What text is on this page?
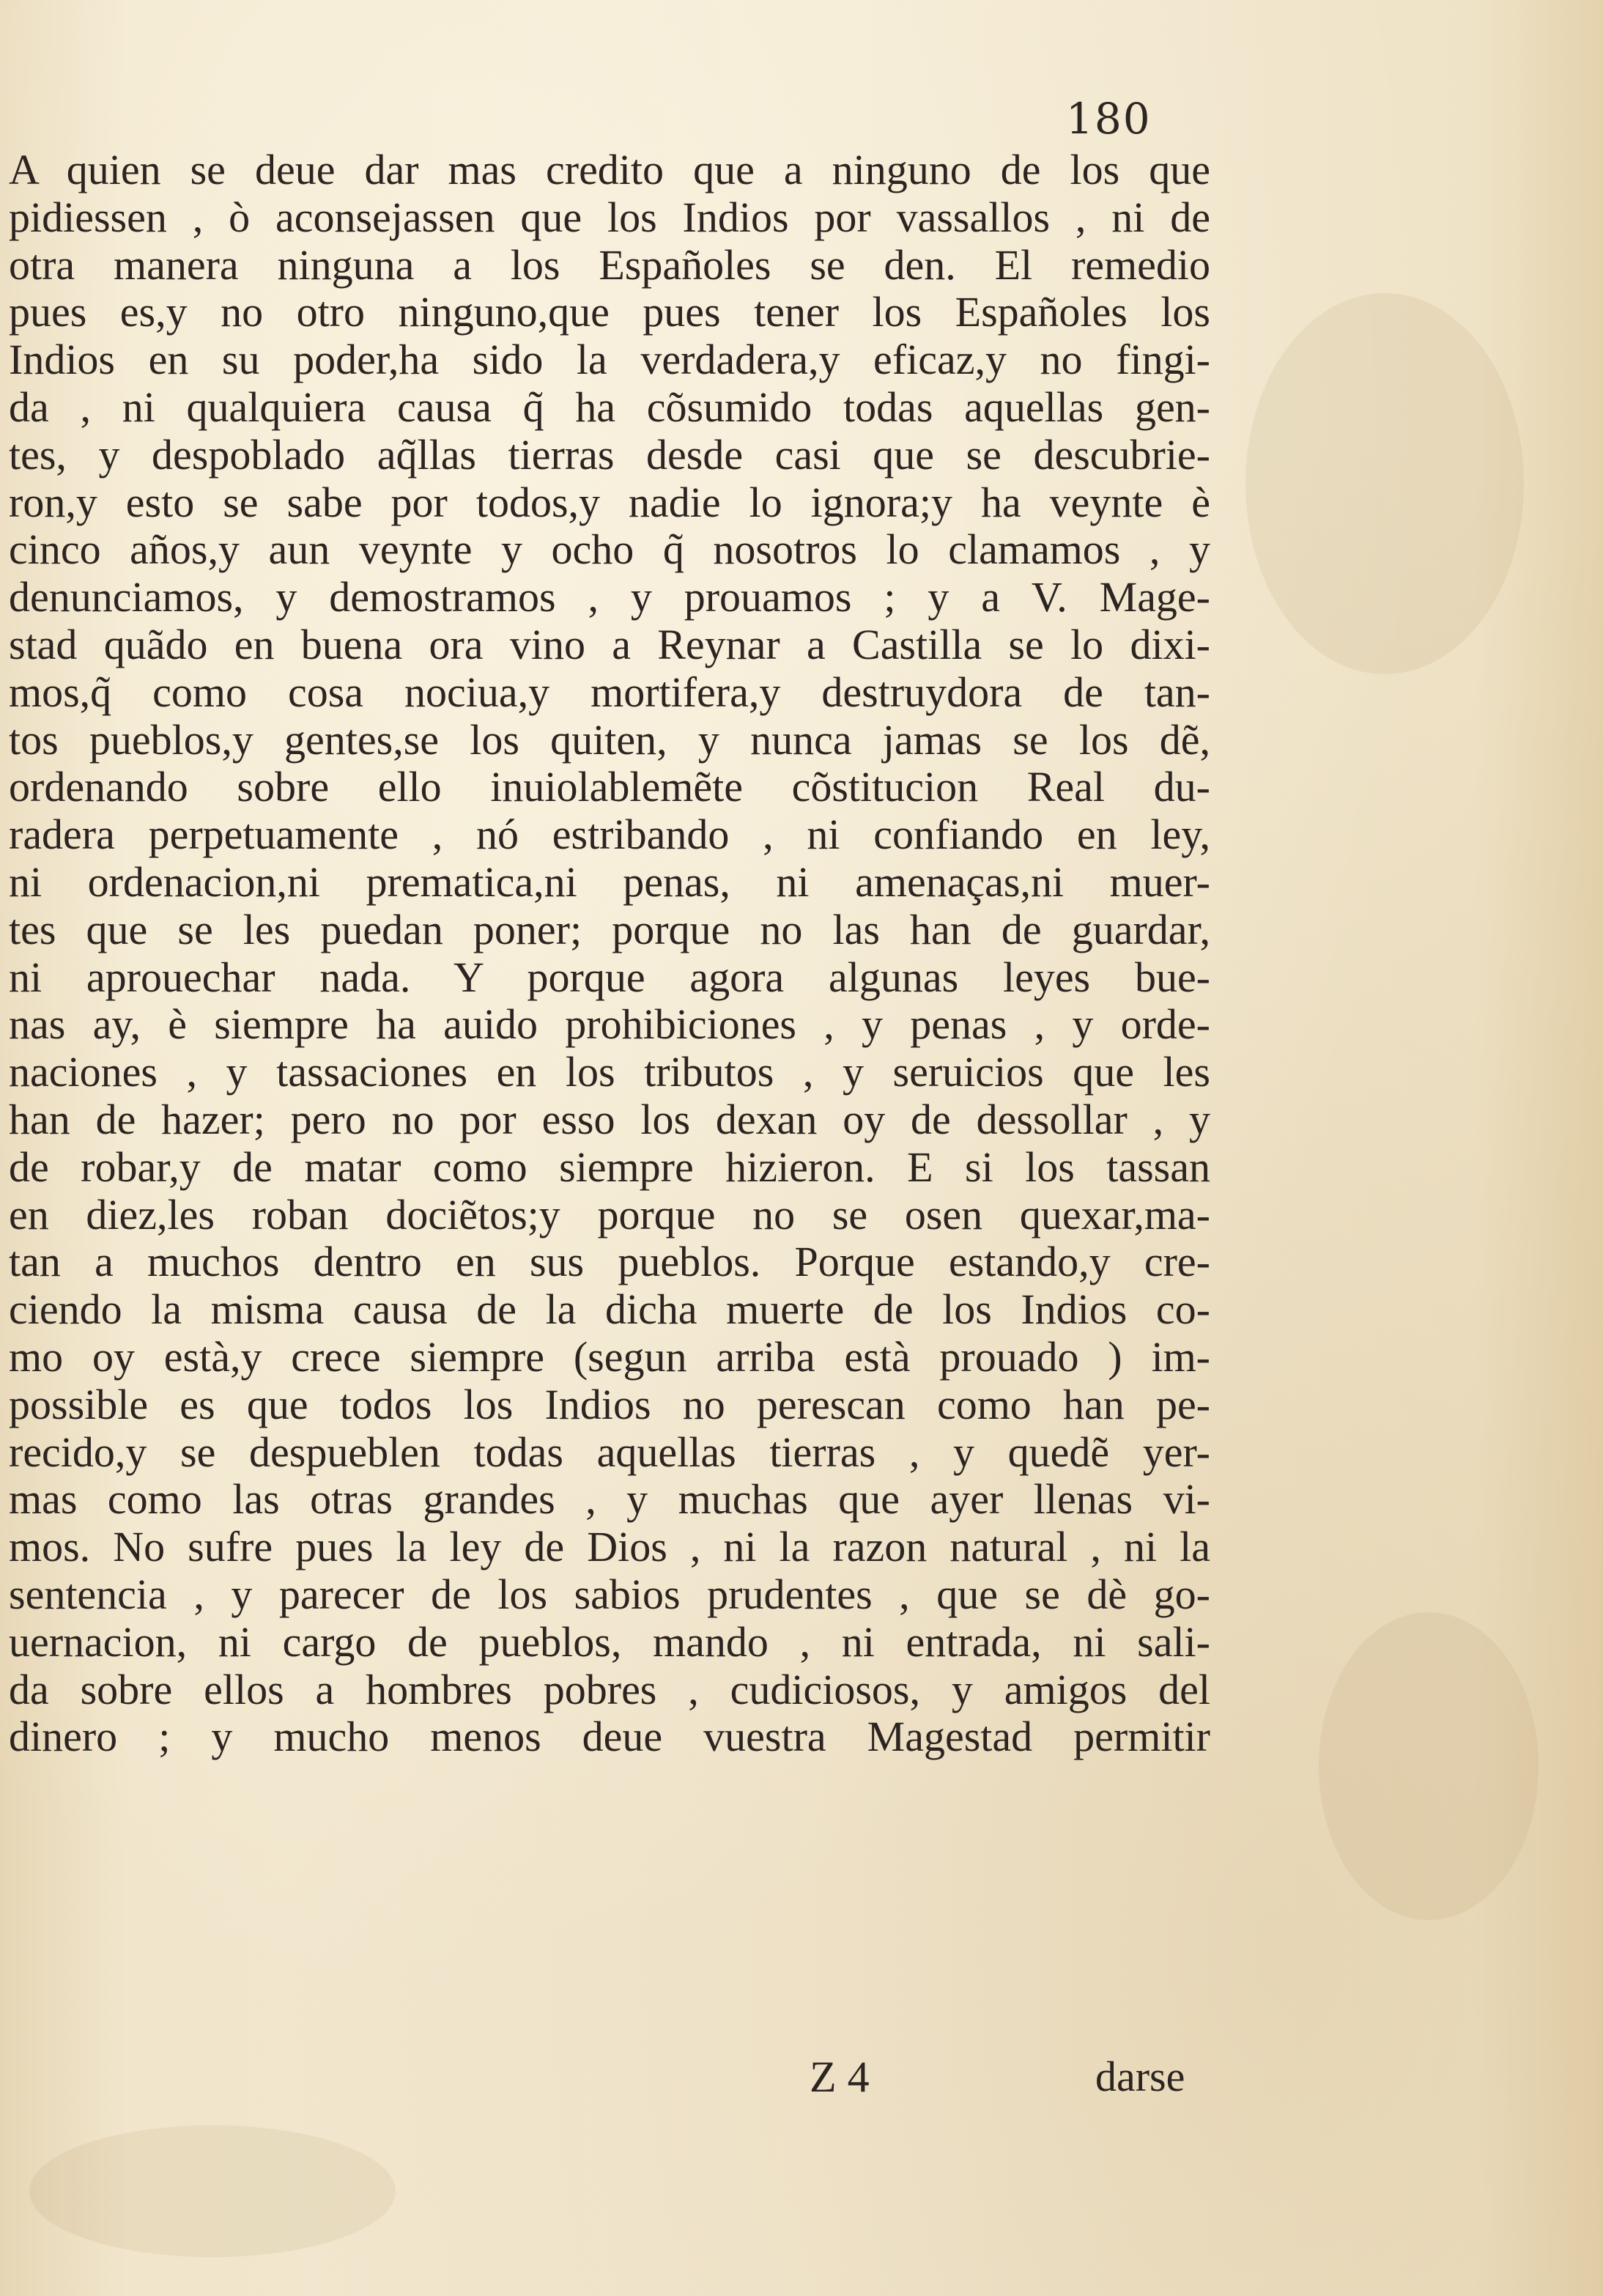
180
A quien se deue dar mas credito que a ninguno de los que
pidiessen , ò aconsejassen que los Indios por vassallos , ni de
otra manera ninguna a los Españoles se den. El remedio
pues es,y no otro ninguno,que pues tener los Españoles los
Indios en su poder,ha sido la verdadera,y eficaz,y no fingi-
da , ni qualquiera causa q̃ ha cõsumido todas aquellas gen-
tes, y despoblado aq̃llas tierras desde casi que se descubrie-
ron,y esto se sabe por todos,y nadie lo ignora;y ha veynte è
cinco años,y aun veynte y ocho q̃ nosotros lo clamamos , y
denunciamos, y demostramos , y prouamos ; y a V. Mage-
stad quãdo en buena ora vino a Reynar a Castilla se lo dixi-
mos,q̃ como cosa nociua,y mortifera,y destruydora de tan-
tos pueblos,y gentes,se los quiten, y nunca jamas se los dẽ,
ordenando sobre ello inuiolablemẽte cõstitucion Real du-
radera perpetuamente , nó estribando , ni confiando en ley,
ni ordenacion,ni prematica,ni penas, ni amenaças,ni muer-
tes que se les puedan poner; porque no las han de guardar,
ni aprouechar nada. Y porque agora algunas leyes bue-
nas ay, è siempre ha auido prohibiciones , y penas , y orde-
naciones , y tassaciones en los tributos , y seruicios que les
han de hazer; pero no por esso los dexan oy de dessollar , y
de robar,y de matar como siempre hizieron. E si los tassan
en diez,les roban dociẽtos;y porque no se osen quexar,ma-
tan a muchos dentro en sus pueblos. Porque estando,y cre-
ciendo la misma causa de la dicha muerte de los Indios co-
mo oy està,y crece siempre (segun arriba està prouado ) im-
possible es que todos los Indios no perescan como han pe-
recido,y se despueblen todas aquellas tierras , y quedẽ yer-
mas como las otras grandes , y muchas que ayer llenas vi-
mos. No sufre pues la ley de Dios , ni la razon natural , ni la
sentencia , y parecer de los sabios prudentes , que se dè go-
uernacion, ni cargo de pueblos, mando , ni entrada, ni sali-
da sobre ellos a hombres pobres , cudiciosos, y amigos del
dinero ; y mucho menos deue vuestra Magestad permitir
Z 4	darse
